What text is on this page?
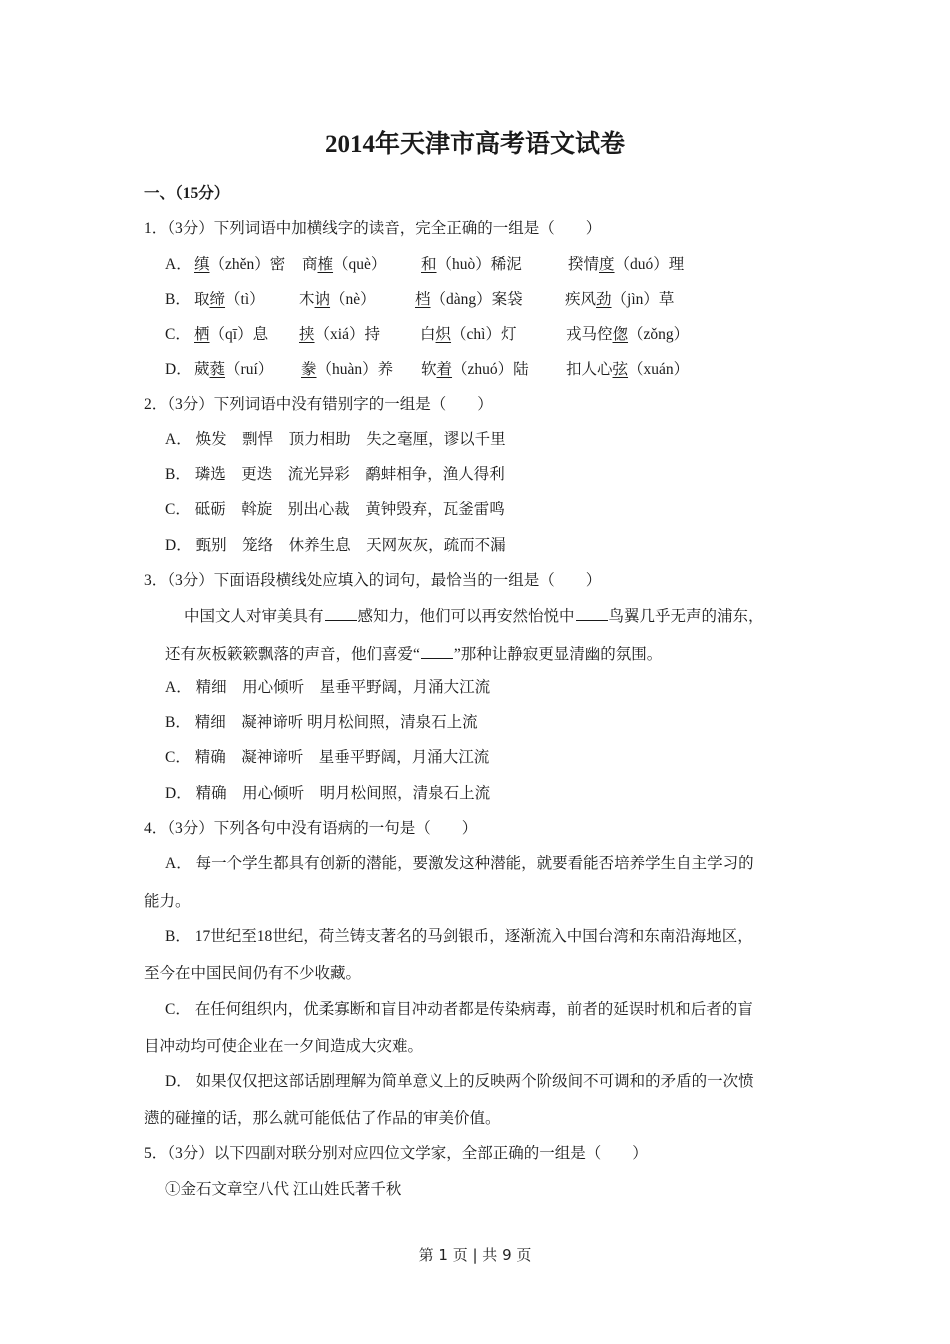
2014年天津市高考语文试卷
一、（15分）
1．（3分）下列词语中加横线字的读音，完全正确的一组是（　　）
A． 缜（zhěn）密 商榷（què） 和（huò）稀泥	揆情度（duó）理
B． 取缔（tì） 木讷（nè）	档（dàng）案袋	疾风劲（jìn）草
C． 栖（qī）息 挟（xiá）持	白炽（chì）灯	戎马倥偬（zǒng）
D． 葳蕤（ruí） 豢（huàn）养 软着（zhuó）陆 扣人心弦（xuán）
2．（3分）下列词语中没有错别字的一组是（　　）
A． 焕发　剽悍　顶力相助　失之毫厘，谬以千里
B． 璘选　更迭　流光异彩　鹬蚌相争，渔人得利
C． 砥砺　斡旋　别出心裁　黄钟毁弃，瓦釜雷鸣
D． 甄别　笼络　休养生息　天网灰灰，疏而不漏
3．（3分）下面语段横线处应填入的词句，最恰当的一组是（　　）
中国文人对审美具有 感知力，他们可以再安然怡悦中 鸟翼几乎无声的浦东，
还有灰板簌簌飘落的声音，他们喜爱“ ”那种让静寂更显清幽的氛围。
A． 精细　用心倾听　星垂平野阔，月涌大江流
B． 精细　凝神谛听 明月松间照，清泉石上流
C． 精确　凝神谛听　星垂平野阔，月涌大江流
D． 精确　用心倾听　明月松间照，清泉石上流
4．（3分）下列各句中没有语病的一句是（　　）
A． 每一个学生都具有创新的潜能，要激发这种潜能，就要看能否培养学生自主学习的
能力。
B． 17世纪至18世纪，荷兰铸支著名的马剑银币，逐渐流入中国台湾和东南沿海地区，
至今在中国民间仍有不少收藏。
C． 在任何组织内，优柔寡断和盲目冲动者都是传染病毒，前者的延误时机和后者的盲
目冲动均可使企业在一夕间造成大灾难。
D． 如果仅仅把这部话剧理解为简单意义上的反映两个阶级间不可调和的矛盾的一次愤
懑的碰撞的话，那么就可能低估了作品的审美价值。
5．（3分）以下四副对联分别对应四位文学家，全部正确的一组是（　　）
①金石文章空八代 江山姓氏著千秋
第 1 页 | 共 9 页
